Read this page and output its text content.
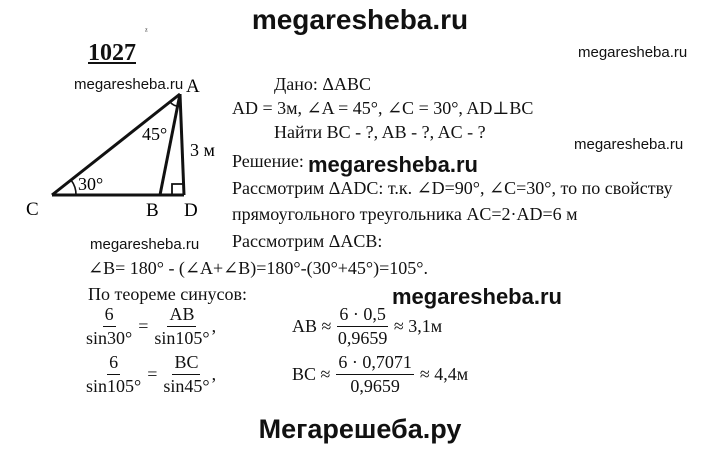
megaresheba.ru
megaresheba.ru
megaresheba.ru
megaresheba.ru
megaresheba.ru
megaresheba.ru
megaresheba.ru
ᶻ
1027
A
C	B D
45°
30°
3 м
Дано: ΔABC
AD = 3м, ∠A = 45°, ∠C = 30°, AD⊥BC
Найти BC - ?, AB - ?, AC - ?
Решение:
Рассмотрим ΔADC: т.к. ∠D=90°, ∠C=30°, то по свойству
прямоугольного треугольника AC=2·AD=6 м
Рассмотрим ΔACB:
∠B= 180° - (∠A+∠B)=180°-(30°+45°)=105°.
По теореме синусов:
$\frac{6}{\sin 30^\circ} = \frac{AB}{\sin 105^\circ}$ ,
$\frac{6}{\sin 105^\circ} = \frac{BC}{\sin 45^\circ}$ ,
AB ≈ $\frac{6 \cdot 0,5}{0,9659} \approx 3,1м$
BC ≈ $\frac{6 \cdot 0,7071}{0,9659} \approx 4,4м$
Мегарешеба.ру
